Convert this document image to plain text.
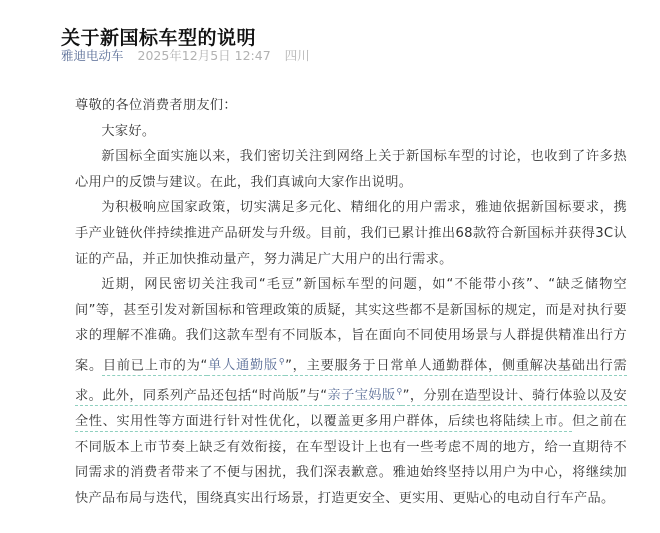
关于新国标车型的说明
雅迪电动车 2025年12月5日 12:47 四川

尊敬的各位消费者朋友们：

大家好。

新国标全面实施以来，我们密切关注到网络上关于新国标车型的讨论，也收到了许多热心用户的反馈与建议。在此，我们真诚向大家作出说明。

为积极响应国家政策，切实满足多元化、精细化的用户需求，雅迪依据新国标要求，携手产业链伙伴持续推进产品研发与升级。目前，我们已累计推出68款符合新国标并获得3C认证的产品，并正加快推动量产，努力满足广大用户的出行需求。

近期，网民密切关注我司“毛豆”新国标车型的问题，如“不能带小孩”、“缺乏储物空间”等，甚至引发对新国标和管理政策的质疑，其实这些都不是新国标的规定，而是对执行要求的理解不准确。我们这款车型有不同版本，旨在面向不同使用场景与人群提供精准出行方案。目前已上市的为“单人通勤版⚲”，主要服务于日常单人通勤群体，侧重解决基础出行需求。此外，同系列产品还包括“时尚版”与“亲子宝妈版⚲”，分别在造型设计、骑行体验以及安全性、实用性等方面进行针对性优化，以覆盖更多用户群体，后续也将陆续上市。但之前在不同版本上市节奏上缺乏有效衔接，在车型设计上也有一些考虑不周的地方，给一直期待不同需求的消费者带来了不便与困扰，我们深表歉意。雅迪始终坚持以用户为中心，将继续加快产品布局与迭代，围绕真实出行场景，打造更安全、更实用、更贴心的电动自行车产品。
